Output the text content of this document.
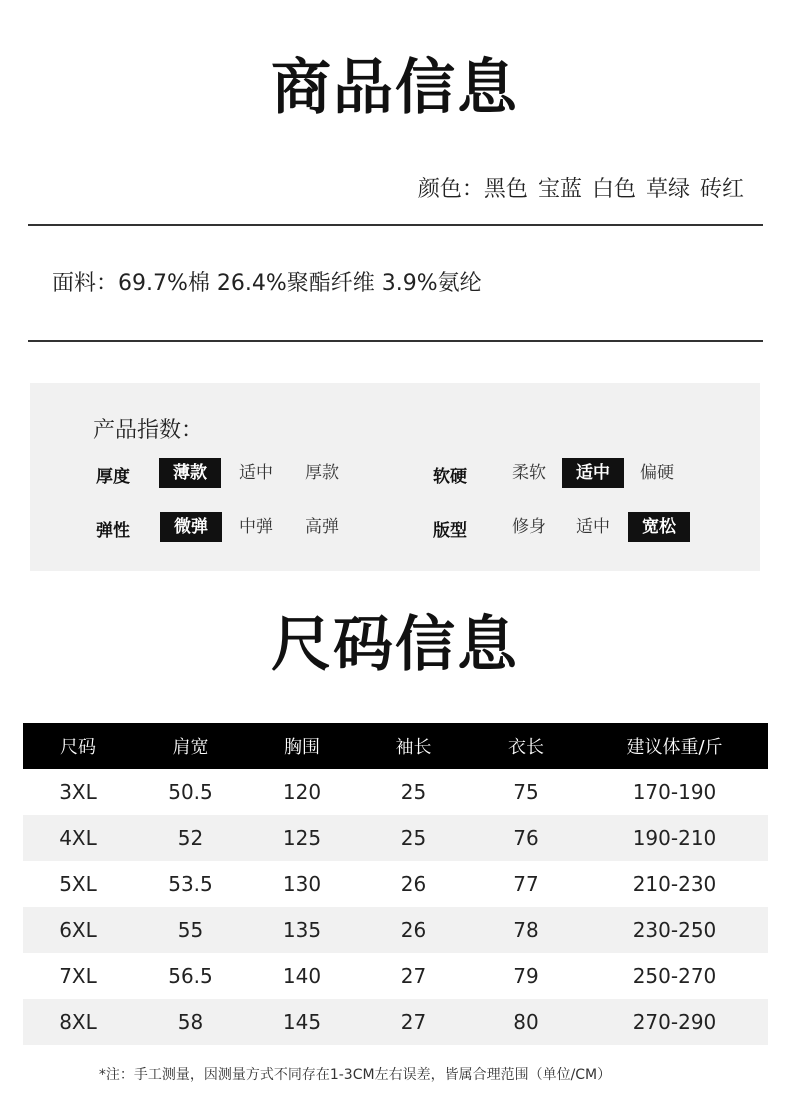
商品信息
颜色：黑色 宝蓝 白色 草绿 砖红
面料：69.7%棉 26.4%聚酯纤维 3.9%氨纶
产品指数：
厚度	薄款	适中	厚款	软硬	柔软	适中	偏硬
弹性	微弹	中弹	高弹	版型	修身	适中	宽松
尺码信息
尺码	肩宽	胸围	袖长	衣长	建议体重/斤
3XL	50.5	120	25	75	170-190
4XL	52	125	25	76	190-210
5XL	53.5	130	26	77	210-230
6XL	55	135	26	78	230-250
7XL	56.5	140	27	79	250-270
8XL	58	145	27	80	270-290
*注：手工测量，因测量方式不同存在1-3CM左右误差，皆属合理范围（单位/CM）
